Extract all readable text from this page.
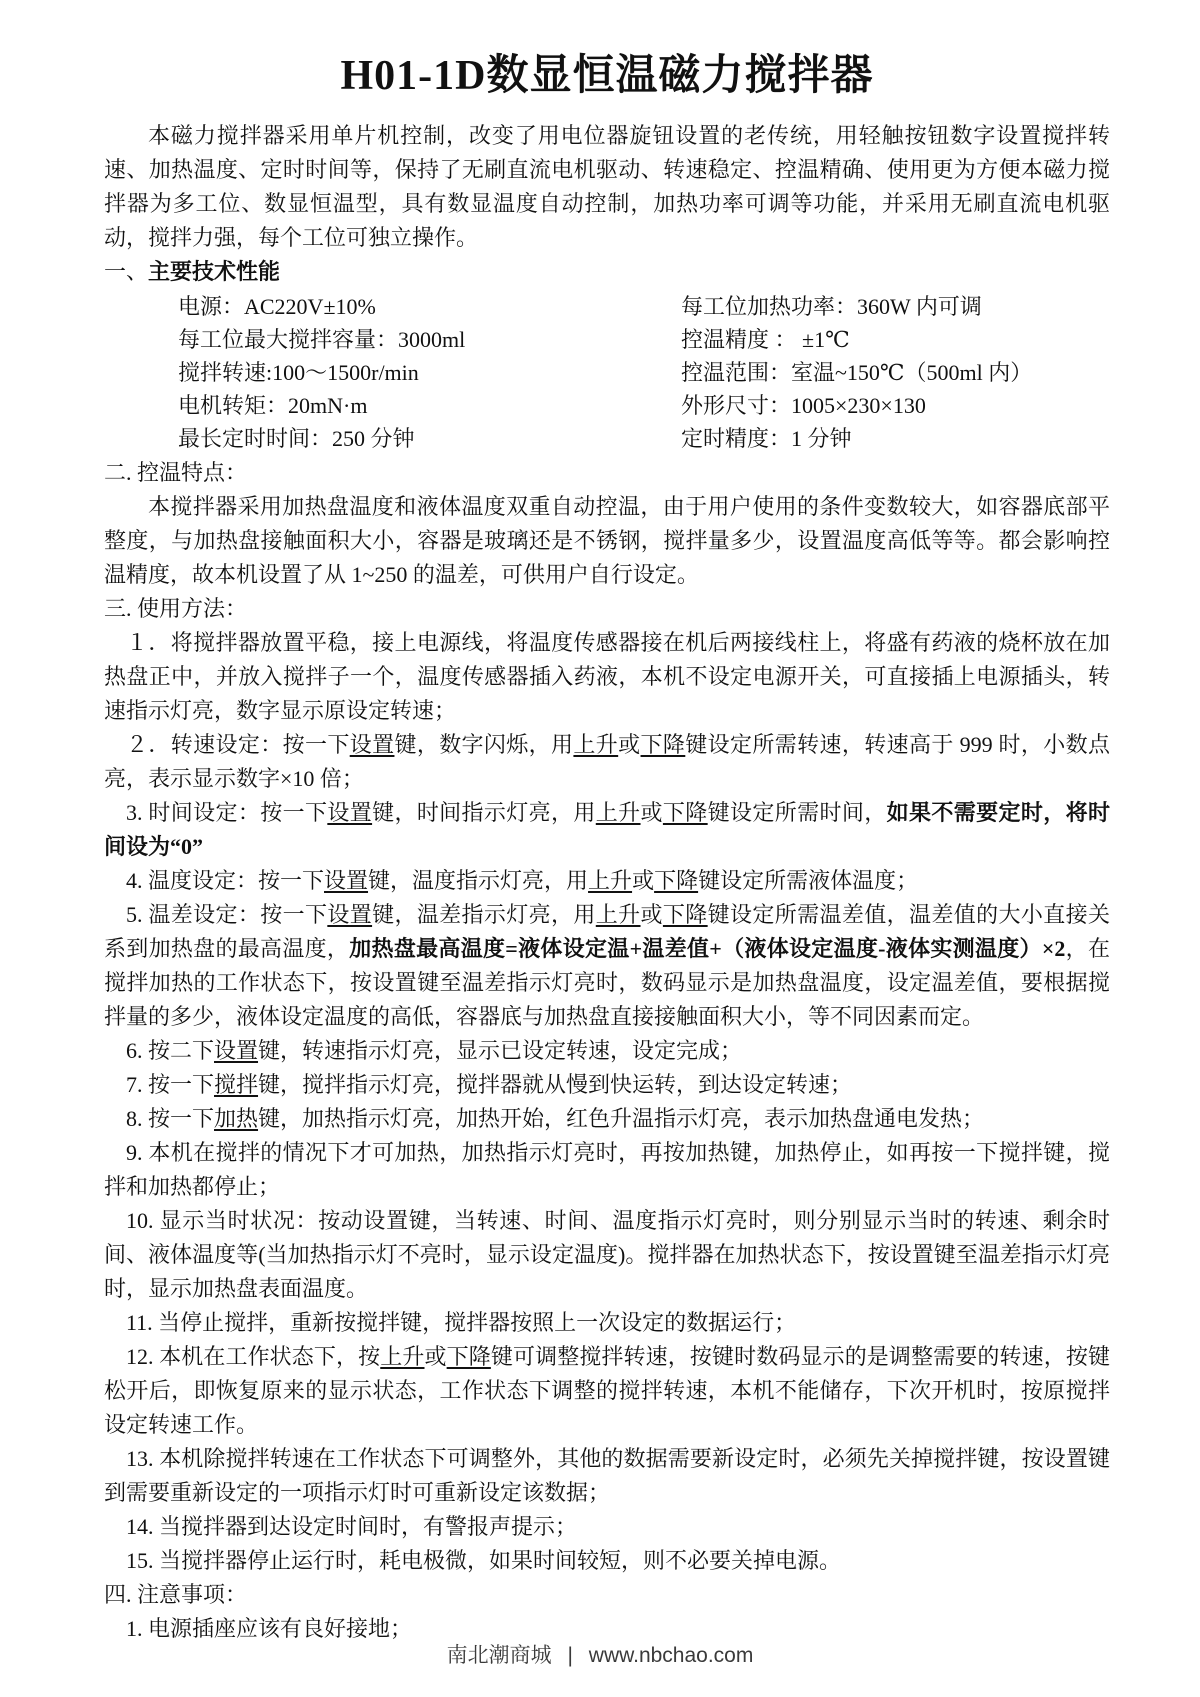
H01-1D数显恒温磁力搅拌器

本磁力搅拌器采用单片机控制，改变了用电位器旋钮设置的老传统，用轻触按钮数字设置搅拌转速、加热温度、定时时间等，保持了无刷直流电机驱动、转速稳定、控温精确、使用更为方便本磁力搅拌器为多工位、数显恒温型，具有数显温度自动控制，加热功率可调等功能，并采用无刷直流电机驱动，搅拌力强，每个工位可独立操作。

一、主要技术性能

电源：AC220V±10%	每工位加热功率：360W 内可调
每工位最大搅拌容量：3000ml	控温精度 ： ±1℃
搅拌转速:100～1500r/min	控温范围：室温~150℃（500ml 内）
电机转矩：20mN·m	外形尺寸：1005×230×130
最长定时时间：250 分钟	定时精度：1 分钟

二. 控温特点：

本搅拌器采用加热盘温度和液体温度双重自动控温，由于用户使用的条件变数较大，如容器底部平整度，与加热盘接触面积大小，容器是玻璃还是不锈钢，搅拌量多少，设置温度高低等等。都会影响控温精度，故本机设置了从 1~250 的温差，可供用户自行设定。

三. 使用方法：

１．将搅拌器放置平稳，接上电源线，将温度传感器接在机后两接线柱上，将盛有药液的烧杯放在加热盘正中，并放入搅拌子一个，温度传感器插入药液，本机不设定电源开关，可直接插上电源插头，转速指示灯亮，数字显示原设定转速；

２．转速设定：按一下设置键，数字闪烁，用上升或下降键设定所需转速，转速高于 999 时，小数点亮，表示显示数字×10 倍；

3. 时间设定：按一下设置键，时间指示灯亮，用上升或下降键设定所需时间，如果不需要定时，将时间设为“0”

4. 温度设定：按一下设置键，温度指示灯亮，用上升或下降键设定所需液体温度；

5. 温差设定：按一下设置键，温差指示灯亮，用上升或下降键设定所需温差值，温差值的大小直接关系到加热盘的最高温度，加热盘最高温度=液体设定温+温差值+（液体设定温度-液体实测温度）×2，在搅拌加热的工作状态下，按设置键至温差指示灯亮时，数码显示是加热盘温度，设定温差值，要根据搅拌量的多少，液体设定温度的高低，容器底与加热盘直接接触面积大小，等不同因素而定。

6. 按二下设置键，转速指示灯亮，显示已设定转速，设定完成；

7. 按一下搅拌键，搅拌指示灯亮，搅拌器就从慢到快运转，到达设定转速；

8. 按一下加热键，加热指示灯亮，加热开始，红色升温指示灯亮，表示加热盘通电发热；

9. 本机在搅拌的情况下才可加热，加热指示灯亮时，再按加热键，加热停止，如再按一下搅拌键，搅拌和加热都停止；

10. 显示当时状况：按动设置键，当转速、时间、温度指示灯亮时，则分别显示当时的转速、剩余时间、液体温度等(当加热指示灯不亮时，显示设定温度)。搅拌器在加热状态下，按设置键至温差指示灯亮时，显示加热盘表面温度。

11. 当停止搅拌，重新按搅拌键，搅拌器按照上一次设定的数据运行；

12. 本机在工作状态下，按上升或下降键可调整搅拌转速，按键时数码显示的是调整需要的转速，按键松开后，即恢复原来的显示状态，工作状态下调整的搅拌转速，本机不能储存，下次开机时，按原搅拌设定转速工作。

13. 本机除搅拌转速在工作状态下可调整外，其他的数据需要新设定时，必须先关掉搅拌键，按设置键到需要重新设定的一项指示灯时可重新设定该数据；

14. 当搅拌器到达设定时间时，有警报声提示；

15. 当搅拌器停止运行时，耗电极微，如果时间较短，则不必要关掉电源。

四. 注意事项：

1. 电源插座应该有良好接地；

南北潮商城 | www.nbchao.com
